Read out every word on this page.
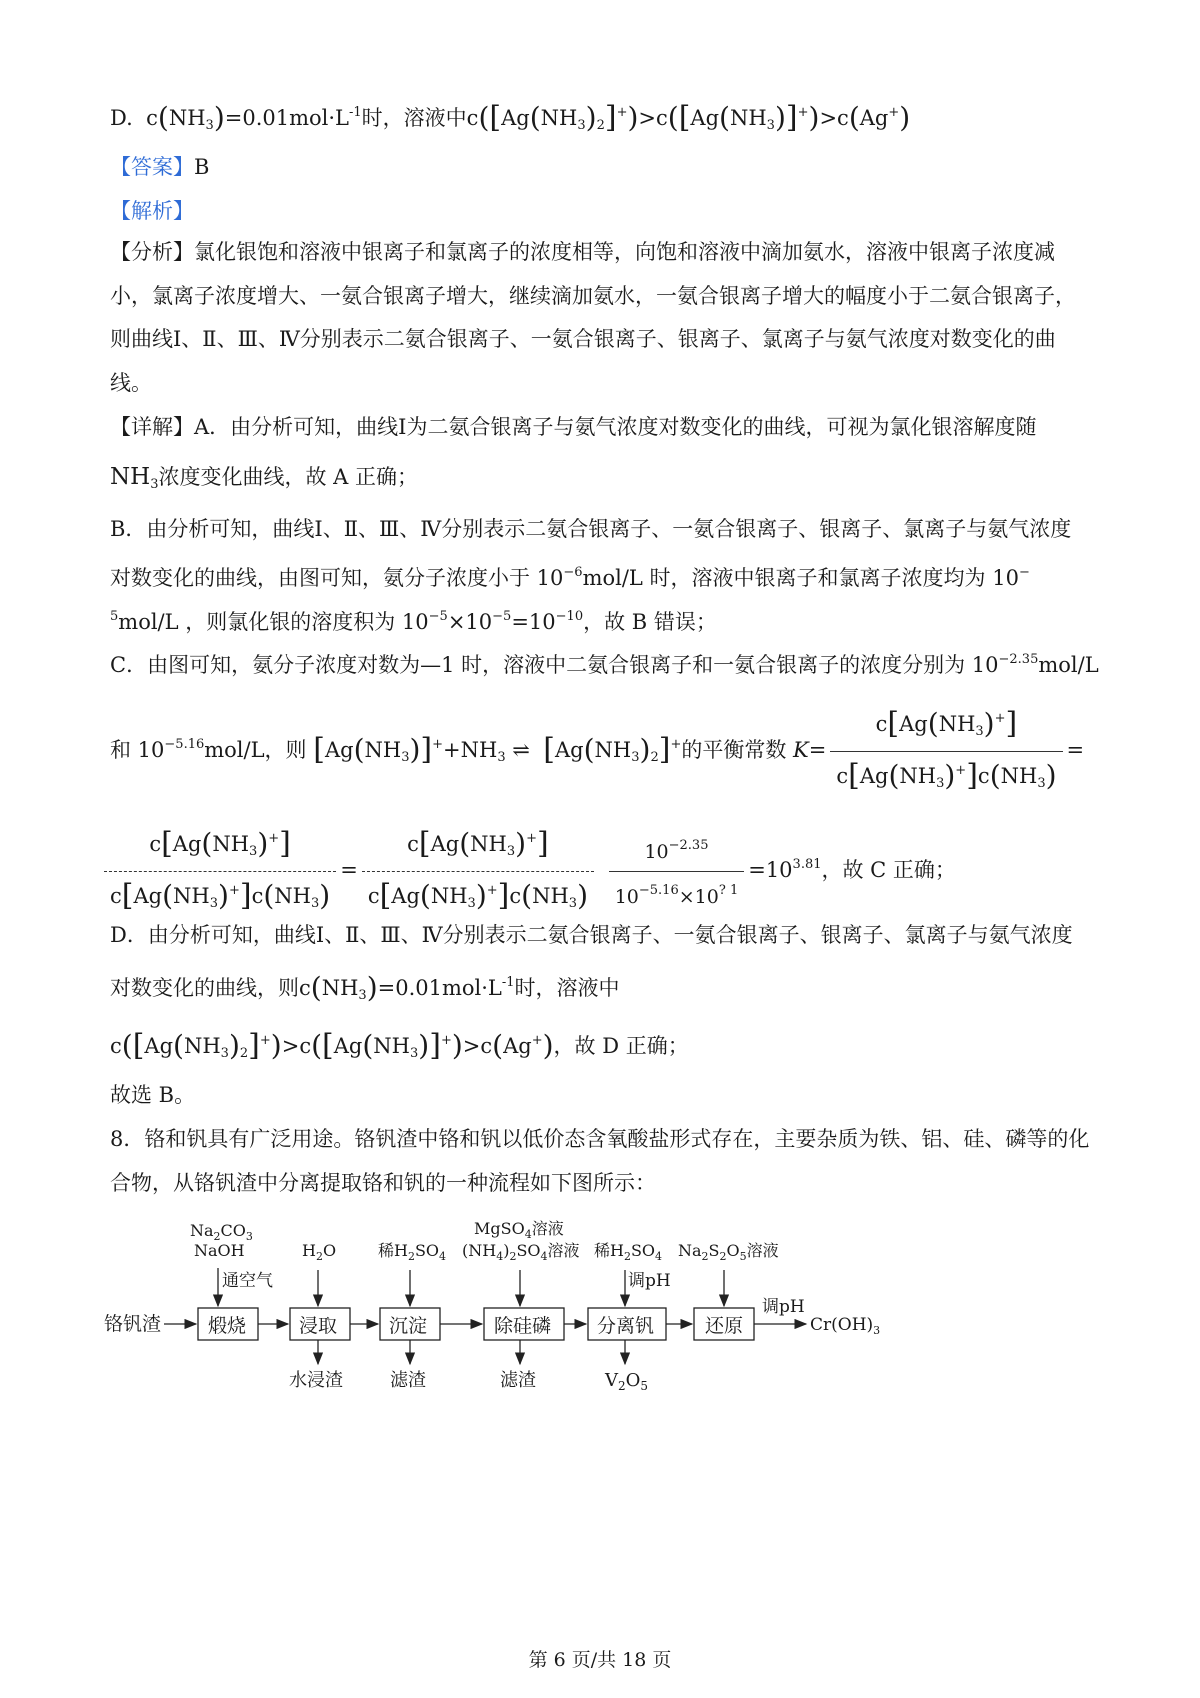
D.  $c(NH_3)=0.01mol\cdot L^{-1}$时，溶液中$c([Ag(NH_3)_2]^+)>c([Ag(NH_3)]^+)>c(Ag^+)$
【答案】B
【解析】
【分析】氯化银饱和溶液中银离子和氯离子的浓度相等，向饱和溶液中滴加氨水，溶液中银离子浓度减
小，氯离子浓度增大、一氨合银离子增大，继续滴加氨水，一氨合银离子增大的幅度小于二氨合银离子，
则曲线Ⅰ、Ⅱ、Ⅲ、Ⅳ分别表示二氨合银离子、一氨合银离子、银离子、氯离子与氨气浓度对数变化的曲
线。
【详解】A．由分析可知，曲线Ⅰ为二氨合银离子与氨气浓度对数变化的曲线，可视为氯化银溶解度随
$NH_3$浓度变化曲线，故 A 正确；
B．由分析可知，曲线Ⅰ、Ⅱ、Ⅲ、Ⅳ分别表示二氨合银离子、一氨合银离子、银离子、氯离子与氨气浓度
对数变化的曲线，由图可知，氨分子浓度小于 $10^{-6}mol/L$ 时，溶液中银离子和氯离子浓度均为 10−
$^5$mol/L ，则氯化银的溶度积为 $10^{-5}\times 10^{-5}=10^{-10}$，故 B 错误；
C．由图可知，氨分子浓度对数为—1 时，溶液中二氨合银离子和一氨合银离子的浓度分别为 $10^{-2.35}mol/L$
和 $10^{-5.16}mol/L$，则 $[Ag(NH_3)]^++NH_3$ ⇌  $[Ag(NH_3)_2]^+$的平衡常数 $K= \frac{c[Ag(NH_3)^+]}{c[Ag(NH_3)^+]c(NH_3)}$ =
$\frac{c[Ag(NH_3)^+]}{c[Ag(NH_3)^+]c(NH_3)} = \frac{c[Ag(NH_3)^+]}{c[Ag(NH_3)^+]c(NH_3)}$
$\frac{10^{-2.35}}{10^{-5.16}\times 10^{? 1}} =10^{3.81}$，故 C 正确；
D．由分析可知，曲线Ⅰ、Ⅱ、Ⅲ、Ⅳ分别表示二氨合银离子、一氨合银离子、银离子、氯离子与氨气浓度
对数变化的曲线，则$c(NH_3)=0.01mol\cdot L^{-1}$时，溶液中
$c([Ag(NH_3)_2]^+)>c([Ag(NH_3)]^+)>c(Ag^+)$，故 D 正确；
故选 B。
8．铬和钒具有广泛用途。铬钒渣中铬和钒以低价态含氧酸盐形式存在，主要杂质为铁、铝、硅、磷等的化
合物，从铬钒渣中分离提取铬和钒的一种流程如下图所示：
铬钒渣 煅烧	浸取	沉淀	除硅磷 分离钒	还原	$Cr(OH)_3$
调pH
$Na_2CO_3$
NaOH
通空气
$H_2O$	稀$H_2SO_4$
MgSO$_4$溶液
$(NH_4)_2SO_4$溶液 稀$H_2SO_4$
调pH
$Na_2S_2O_5$溶液
水浸渣	滤渣	滤渣	$V_2O_5$
第 6 页/共 18 页
